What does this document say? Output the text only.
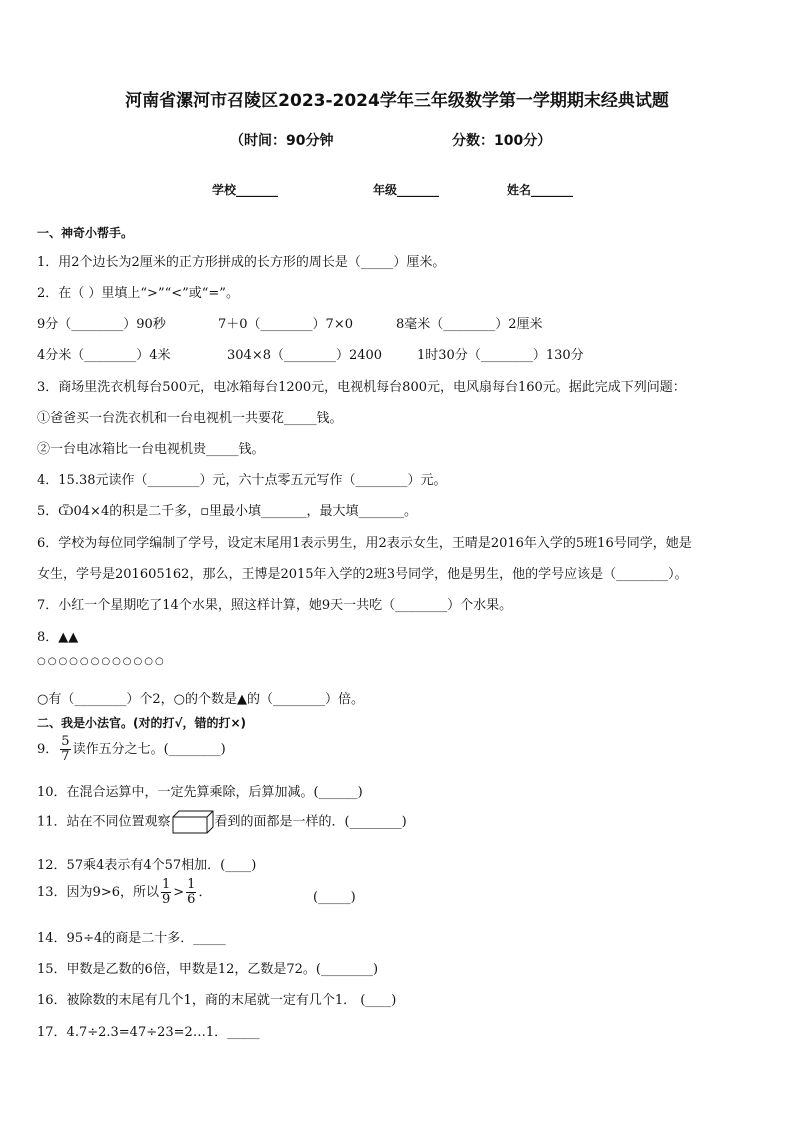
河南省漯河市召陵区2023-2024学年三年级数学第一学期期末经典试题
（时间：90分钟	分数：100分）
学校_______	年级_______	姓名_______
一、神奇小帮手。
1．用2个边长为2厘米的正方形拼成的长方形的周长是（_____）厘米。
2．在（ ）里填上“>”“<”或“=”。
9分（________）90秒	7＋0（________）7×0	8毫米（________）2厘米
4分米（________）4米	304×8（________）2400	1时30分（________）130分
3．商场里洗衣机每台500元，电冰箱每台1200元，电视机每台800元，电风扇每台160元。据此完成下列问题：
①爸爸买一台洗衣机和一台电视机一共要花_____钱。
②一台电冰箱比一台电视机贵_____钱。
4．15.38元读作（________）元，六十点零五元写作（________）元。
5．Ѿ04×4的积是二千多，▫里最小填_______，最大填_______。
6．学校为每位同学编制了学号，设定末尾用1表示男生，用2表示女生，王晴是2016年入学的5班16号同学，她是
女生，学号是201605162，那么，王博是2015年入学的2班3号同学，他是男生，他的学号应该是（________）。
7．小红一个星期吃了14个水果，照这样计算，她9天一共吃（________）个水果。
8．▲▲
○○○○○○○○○○○○
○有（________）个2，○的个数是▲的（________）倍。
二、我是小法官。(对的打√，错的打×)
9． $\frac{5}{7}$ 读作五分之七。(________)
10．在混合运算中，一定先算乘除，后算加减。(______)
11．站在不同位置观察	看到的面都是一样的．(________)
12．57乘4表示有4个57相加．(____)
13．因为9>6，所以 $\frac{1}{9} > \frac{1}{6}$ ．	(_____)
14．95÷4的商是二十多．_____
15．甲数是乙数的6倍，甲数是12，乙数是72。(________)
16．被除数的末尾有几个1，商的末尾就一定有几个1． (____)
17．4.7÷2.3=47÷23=2…1．_____
